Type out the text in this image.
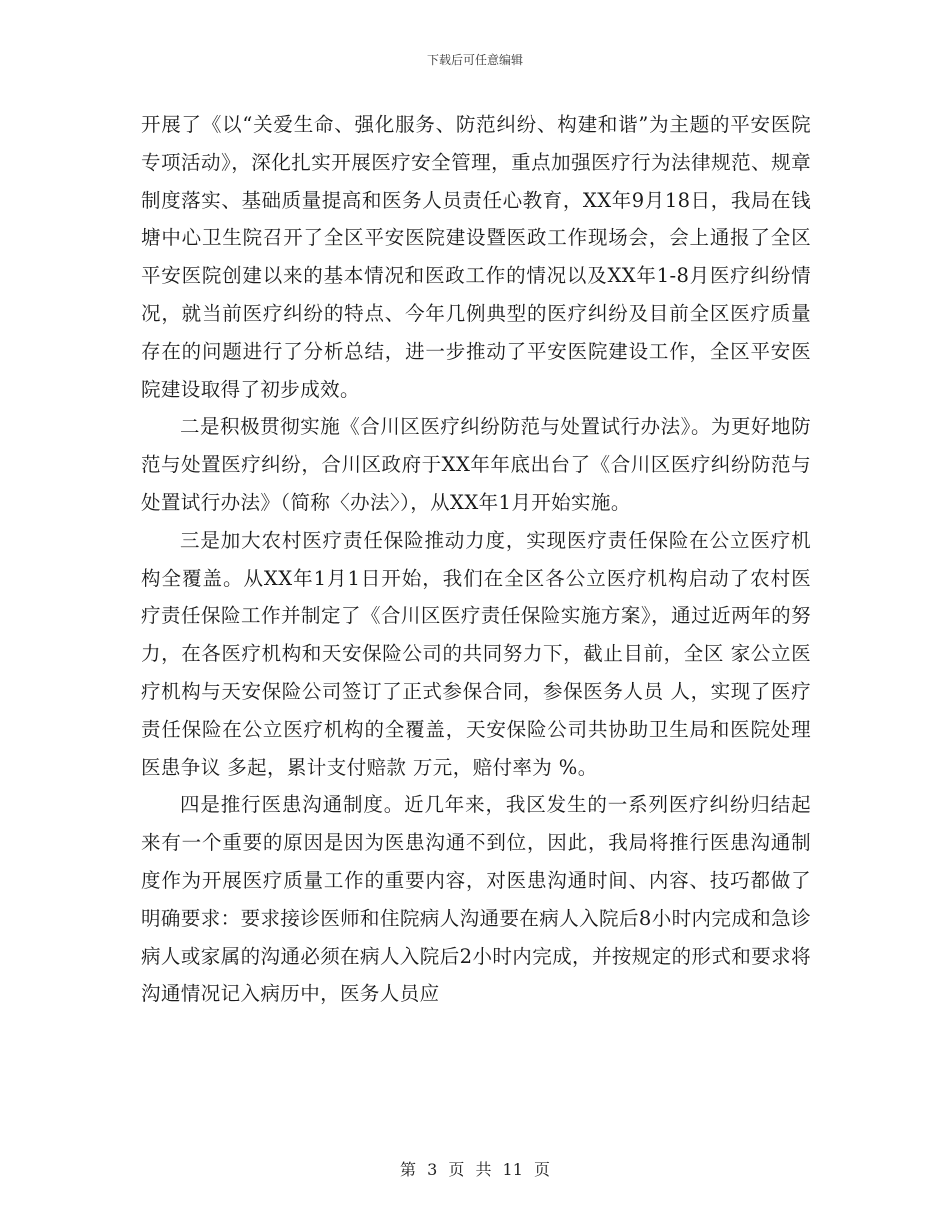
下载后可任意编辑

开展了《以“关爱生命、强化服务、防范纠纷、构建和谐”为主题的平安医院专项活动》，深化扎实开展医疗安全管理，重点加强医疗行为法律规范、规章制度落实、基础质量提高和医务人员责任心教育，XX年9月18日，我局在钱塘中心卫生院召开了全区平安医院建设暨医政工作现场会，会上通报了全区平安医院创建以来的基本情况和医政工作的情况以及XX年1-8月医疗纠纷情况，就当前医疗纠纷的特点、今年几例典型的医疗纠纷及目前全区医疗质量存在的问题进行了分析总结，进一步推动了平安医院建设工作，全区平安医院建设取得了初步成效。

二是积极贯彻实施《合川区医疗纠纷防范与处置试行办法》。为更好地防范与处置医疗纠纷，合川区政府于XX年年底出台了《合川区医疗纠纷防范与处置试行办法》（简称〈办法〉），从XX年1月开始实施。

三是加大农村医疗责任保险推动力度，实现医疗责任保险在公立医疗机构全覆盖。从XX年1月1日开始，我们在全区各公立医疗机构启动了农村医疗责任保险工作并制定了《合川区医疗责任保险实施方案》，通过近两年的努力，在各医疗机构和天安保险公司的共同努力下，截止目前，全区 家公立医疗机构与天安保险公司签订了正式参保合同，参保医务人员 人，实现了医疗责任保险在公立医疗机构的全覆盖，天安保险公司共协助卫生局和医院处理医患争议 多起，累计支付赔款 万元，赔付率为 %。

四是推行医患沟通制度。近几年来，我区发生的一系列医疗纠纷归结起来有一个重要的原因是因为医患沟通不到位，因此，我局将推行医患沟通制度作为开展医疗质量工作的重要内容，对医患沟通时间、内容、技巧都做了明确要求：要求接诊医师和住院病人沟通要在病人入院后8小时内完成和急诊病人或家属的沟通必须在病人入院后2小时内完成，并按规定的形式和要求将沟通情况记入病历中，医务人员应

第 3 页 共 11 页
